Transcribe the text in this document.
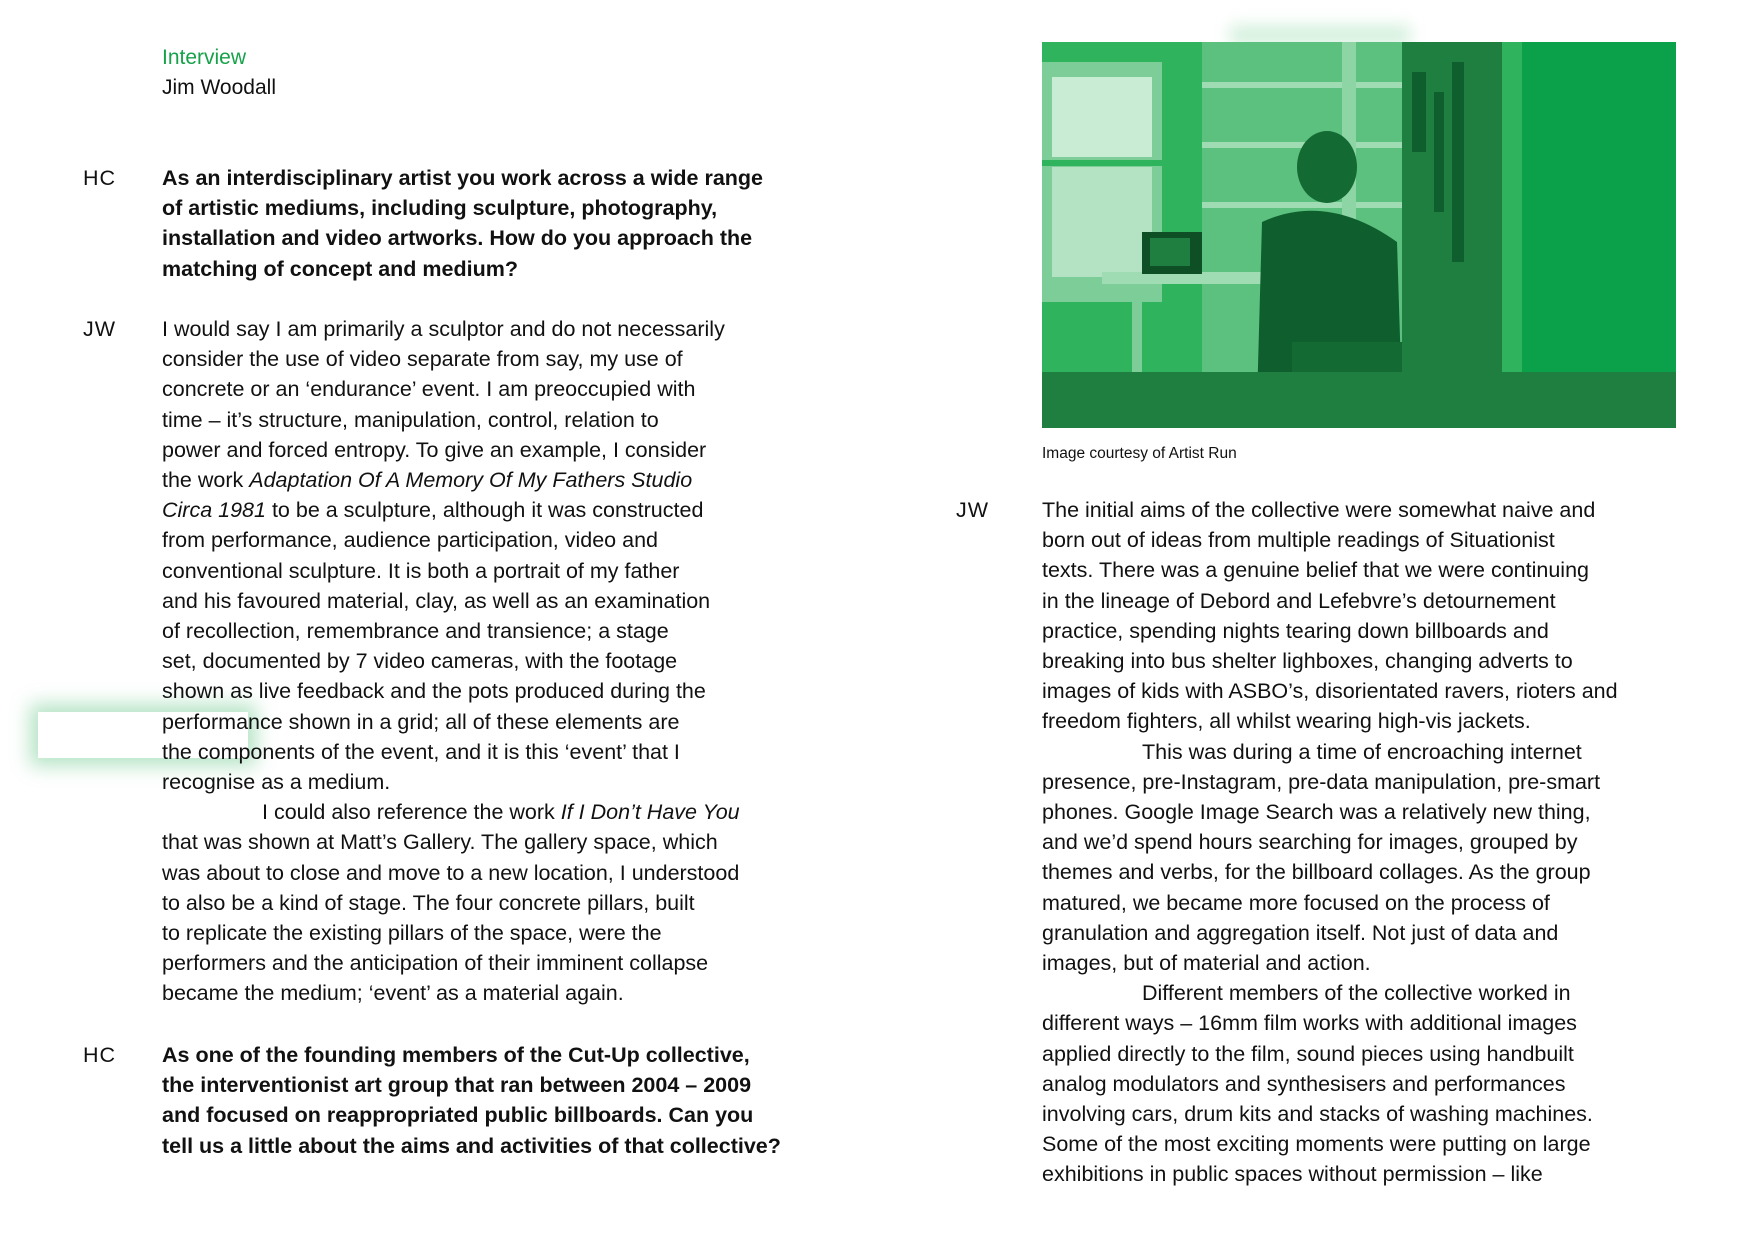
Interview
Jim Woodall
HC As an interdisciplinary artist you work across a wide range
of artistic mediums, including sculpture, photography,
installation and video artworks. How do you approach the
matching of concept and medium?
JW I would say I am primarily a sculptor and do not necessarily
consider the use of video separate from say, my use of
concrete or an ‘endurance’ event. I am preoccupied with
time – it’s structure, manipulation, control, relation to
power and forced entropy. To give an example, I consider
the work Adaptation Of A Memory Of My Fathers Studio
Circa 1981 to be a sculpture, although it was constructed
from performance, audience participation, video and
conventional sculpture. It is both a portrait of my father
and his favoured material, clay, as well as an examination
of recollection, remembrance and transience; a stage
set, documented by 7 video cameras, with the footage
shown as live feedback and the pots produced during the
performance shown in a grid; all of these elements are
the components of the event, and it is this ‘event’ that I
recognise as a medium.
I could also reference the work If I Don’t Have You
that was shown at Matt’s Gallery. The gallery space, which
was about to close and move to a new location, I understood
to also be a kind of stage. The four concrete pillars, built
to replicate the existing pillars of the space, were the
performers and the anticipation of their imminent collapse
became the medium; ‘event’ as a material again.
HC As one of the founding members of the Cut-Up collective,
the interventionist art group that ran between 2004 – 2009
and focused on reappropriated public billboards. Can you
tell us a little about the aims and activities of that collective?
Image courtesy of Artist Run
JW The initial aims of the collective were somewhat naive and
born out of ideas from multiple readings of Situationist
texts. There was a genuine belief that we were continuing
in the lineage of Debord and Lefebvre’s detournement
practice, spending nights tearing down billboards and
breaking into bus shelter lighboxes, changing adverts to
images of kids with ASBO’s, disorientated ravers, rioters and
freedom fighters, all whilst wearing high-vis jackets.
This was during a time of encroaching internet
presence, pre-Instagram, pre-data manipulation, pre-smart
phones. Google Image Search was a relatively new thing,
and we’d spend hours searching for images, grouped by
themes and verbs, for the billboard collages. As the group
matured, we became more focused on the process of
granulation and aggregation itself. Not just of data and
images, but of material and action.
Different members of the collective worked in
different ways – 16mm film works with additional images
applied directly to the film, sound pieces using handbuilt
analog modulators and synthesisers and performances
involving cars, drum kits and stacks of washing machines.
Some of the most exciting moments were putting on large
exhibitions in public spaces without permission – like
